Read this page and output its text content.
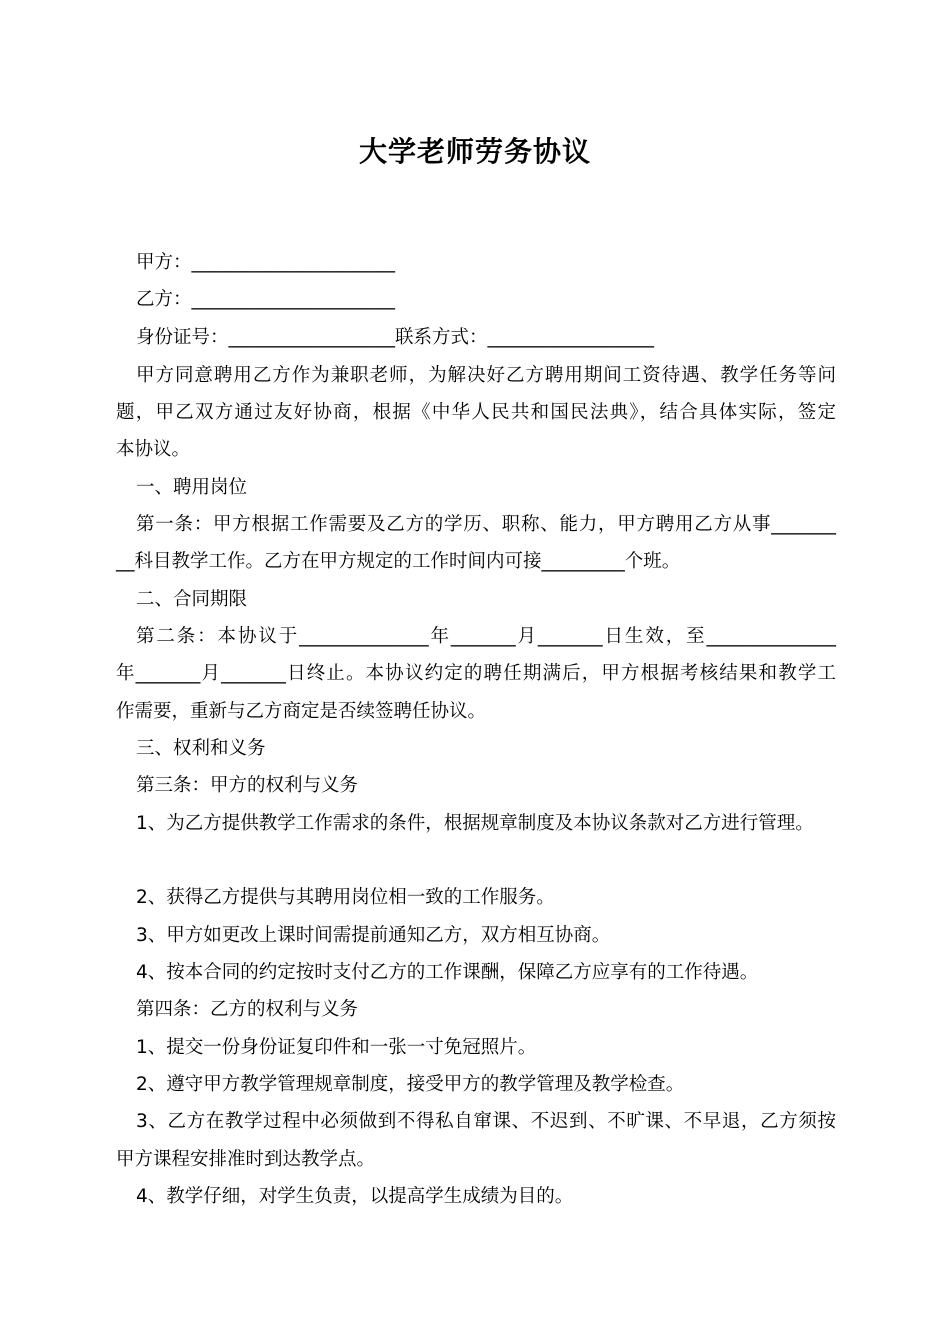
大学老师劳务协议
甲方：______________________
乙方：______________________
身份证号：__________________联系方式：__________________
甲方同意聘用乙方作为兼职老师，为解决好乙方聘用期间工资待遇、教学任务等问
题，甲乙双方通过友好协商，根据《中华人民共和国民法典》，结合具体实际，签定
本协议。
一、聘用岗位
第一条：甲方根据工作需要及乙方的学历、职称、能力，甲方聘用乙方从事_______
__科目教学工作。乙方在甲方规定的工作时间内可接_________个班。
二、合同期限
第二条：本协议于______________年_______月_______日生效，至______________
年_______月_______日终止。本协议约定的聘任期满后，甲方根据考核结果和教学工
作需要，重新与乙方商定是否续签聘任协议。
三、权利和义务
第三条：甲方的权利与义务
1、为乙方提供教学工作需求的条件，根据规章制度及本协议条款对乙方进行管理。
2、获得乙方提供与其聘用岗位相一致的工作服务。
3、甲方如更改上课时间需提前通知乙方，双方相互协商。
4、按本合同的约定按时支付乙方的工作课酬，保障乙方应享有的工作待遇。
第四条：乙方的权利与义务
1、提交一份身份证复印件和一张一寸免冠照片。
2、遵守甲方教学管理规章制度，接受甲方的教学管理及教学检查。
3、乙方在教学过程中必须做到不得私自窜课、不迟到、不旷课、不早退，乙方须按
甲方课程安排准时到达教学点。
4、教学仔细，对学生负责，以提高学生成绩为目的。
